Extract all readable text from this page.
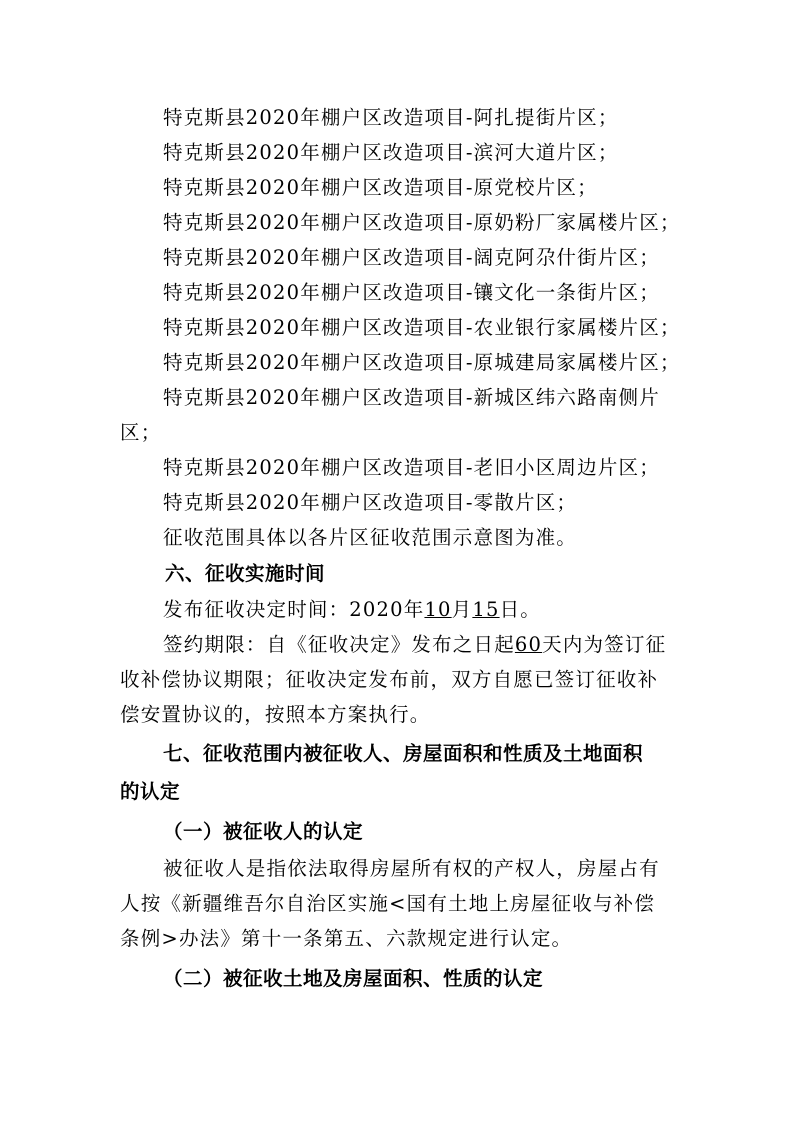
特克斯县2020年棚户区改造项目-阿扎提街片区；
特克斯县2020年棚户区改造项目-滨河大道片区；
特克斯县2020年棚户区改造项目-原党校片区；
特克斯县2020年棚户区改造项目-原奶粉厂家属楼片区；
特克斯县2020年棚户区改造项目-阔克阿尕什街片区；
特克斯县2020年棚户区改造项目-镶文化一条街片区；
特克斯县2020年棚户区改造项目-农业银行家属楼片区；
特克斯县2020年棚户区改造项目-原城建局家属楼片区；
特克斯县2020年棚户区改造项目-新城区纬六路南侧片
区；
特克斯县2020年棚户区改造项目-老旧小区周边片区；
特克斯县2020年棚户区改造项目-零散片区；
征收范围具体以各片区征收范围示意图为准。
六、征收实施时间
发布征收决定时间：2020年10月15日。
签约期限：自《征收决定》发布之日起60天内为签订征
收补偿协议期限；征收决定发布前，双方自愿已签订征收补
偿安置协议的，按照本方案执行。
七、征收范围内被征收人、房屋面积和性质及土地面积
的认定
（一）被征收人的认定
被征收人是指依法取得房屋所有权的产权人，房屋占有
人按《新疆维吾尔自治区实施<国有土地上房屋征收与补偿
条例>办法》第十一条第五、六款规定进行认定。
（二）被征收土地及房屋面积、性质的认定
